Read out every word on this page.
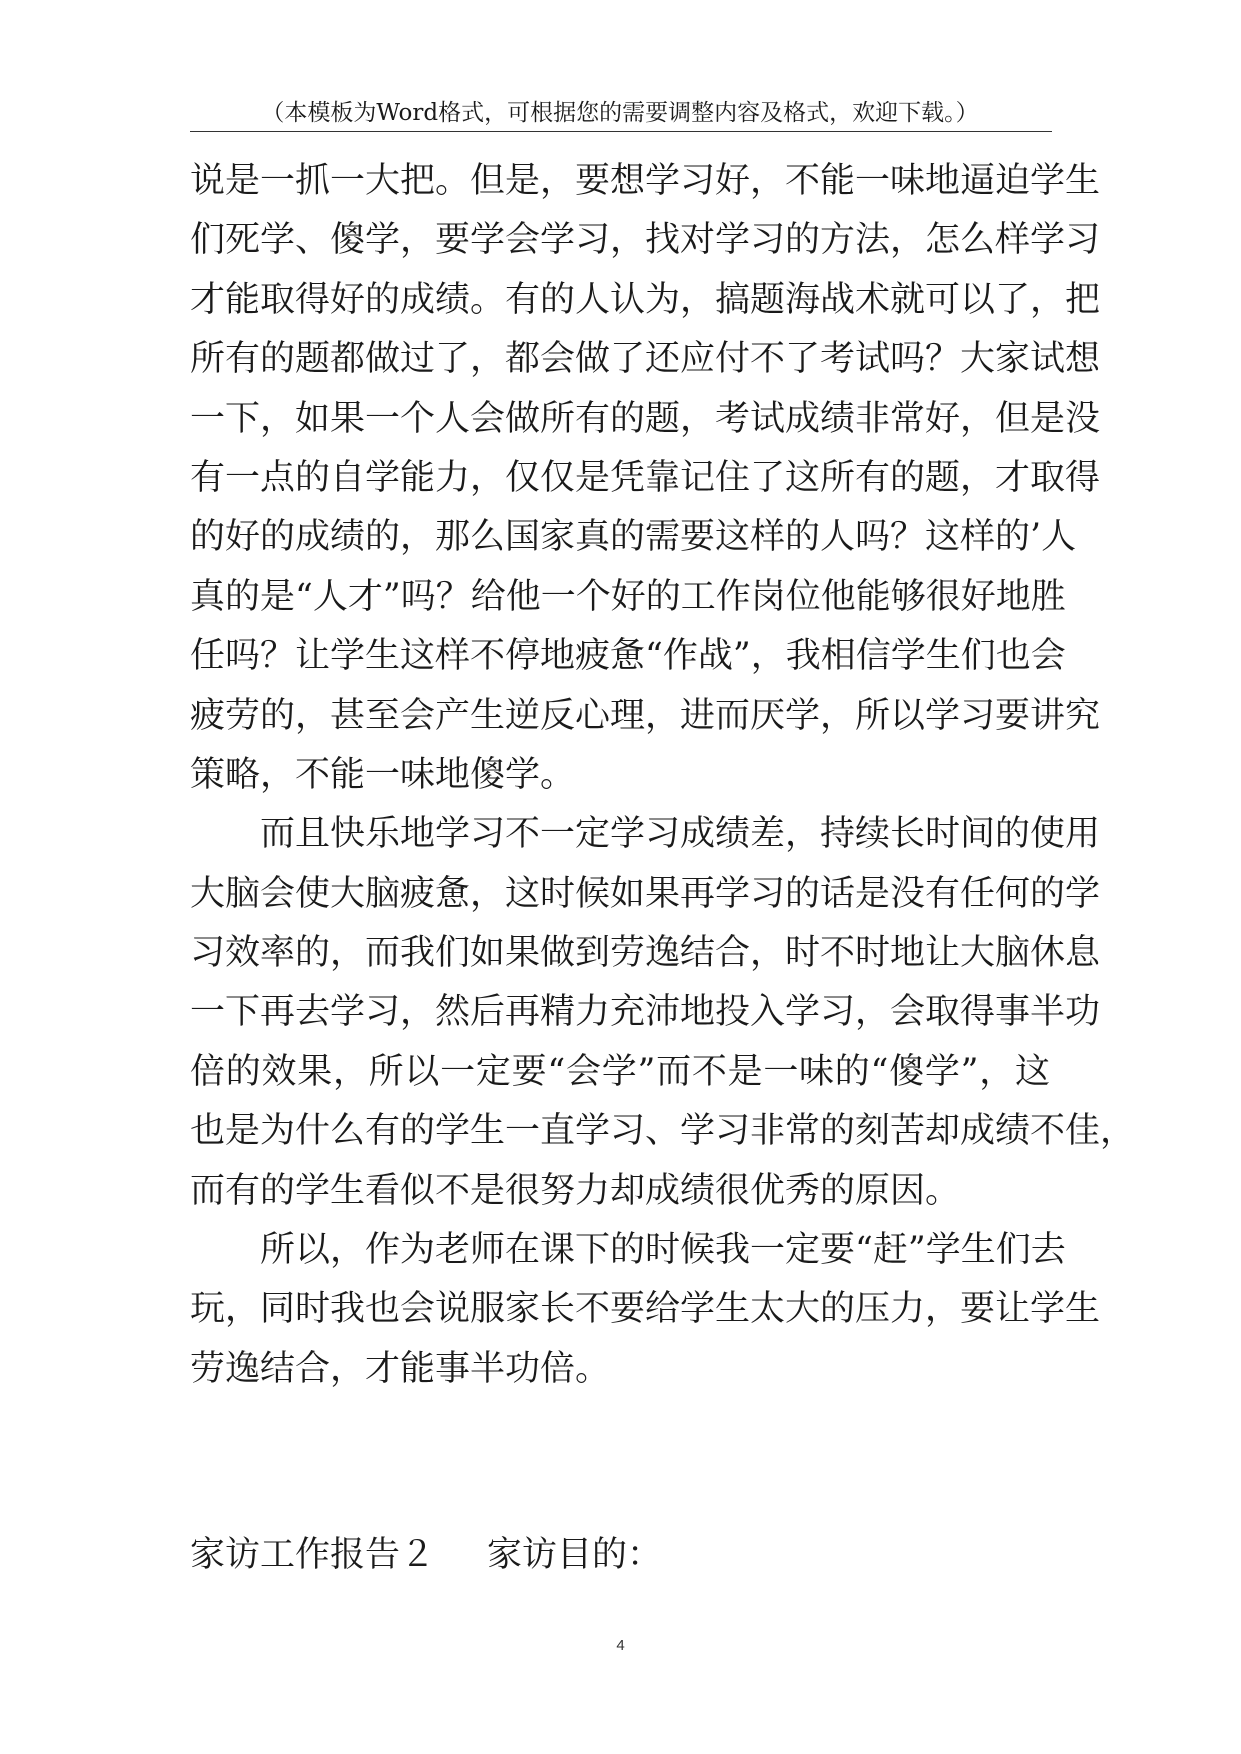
（本模板为Word格式，可根据您的需要调整内容及格式，欢迎下载。）
说是一抓一大把。但是，要想学习好，不能一味地逼迫学生
们死学、傻学，要学会学习，找对学习的方法，怎么样学习
才能取得好的成绩。有的人认为，搞题海战术就可以了，把
所有的题都做过了，都会做了还应付不了考试吗？大家试想
一下，如果一个人会做所有的题，考试成绩非常好，但是没
有一点的自学能力，仅仅是凭靠记住了这所有的题，才取得
的好的成绩的，那么国家真的需要这样的人吗？这样的’人
真的是“人才”吗？给他一个好的工作岗位他能够很好地胜
任吗？让学生这样不停地疲惫“作战”，我相信学生们也会
疲劳的，甚至会产生逆反心理，进而厌学，所以学习要讲究
策略，不能一味地傻学。
而且快乐地学习不一定学习成绩差，持续长时间的使用
大脑会使大脑疲惫，这时候如果再学习的话是没有任何的学
习效率的，而我们如果做到劳逸结合，时不时地让大脑休息
一下再去学习，然后再精力充沛地投入学习，会取得事半功
倍的效果，所以一定要“会学”而不是一味的“傻学”，这
也是为什么有的学生一直学习、学习非常的刻苦却成绩不佳，
而有的学生看似不是很努力却成绩很优秀的原因。
所以，作为老师在课下的时候我一定要“赶”学生们去
玩，同时我也会说服家长不要给学生太大的压力，要让学生
劳逸结合，才能事半功倍。
家访工作报告２ 家访目的：
4
